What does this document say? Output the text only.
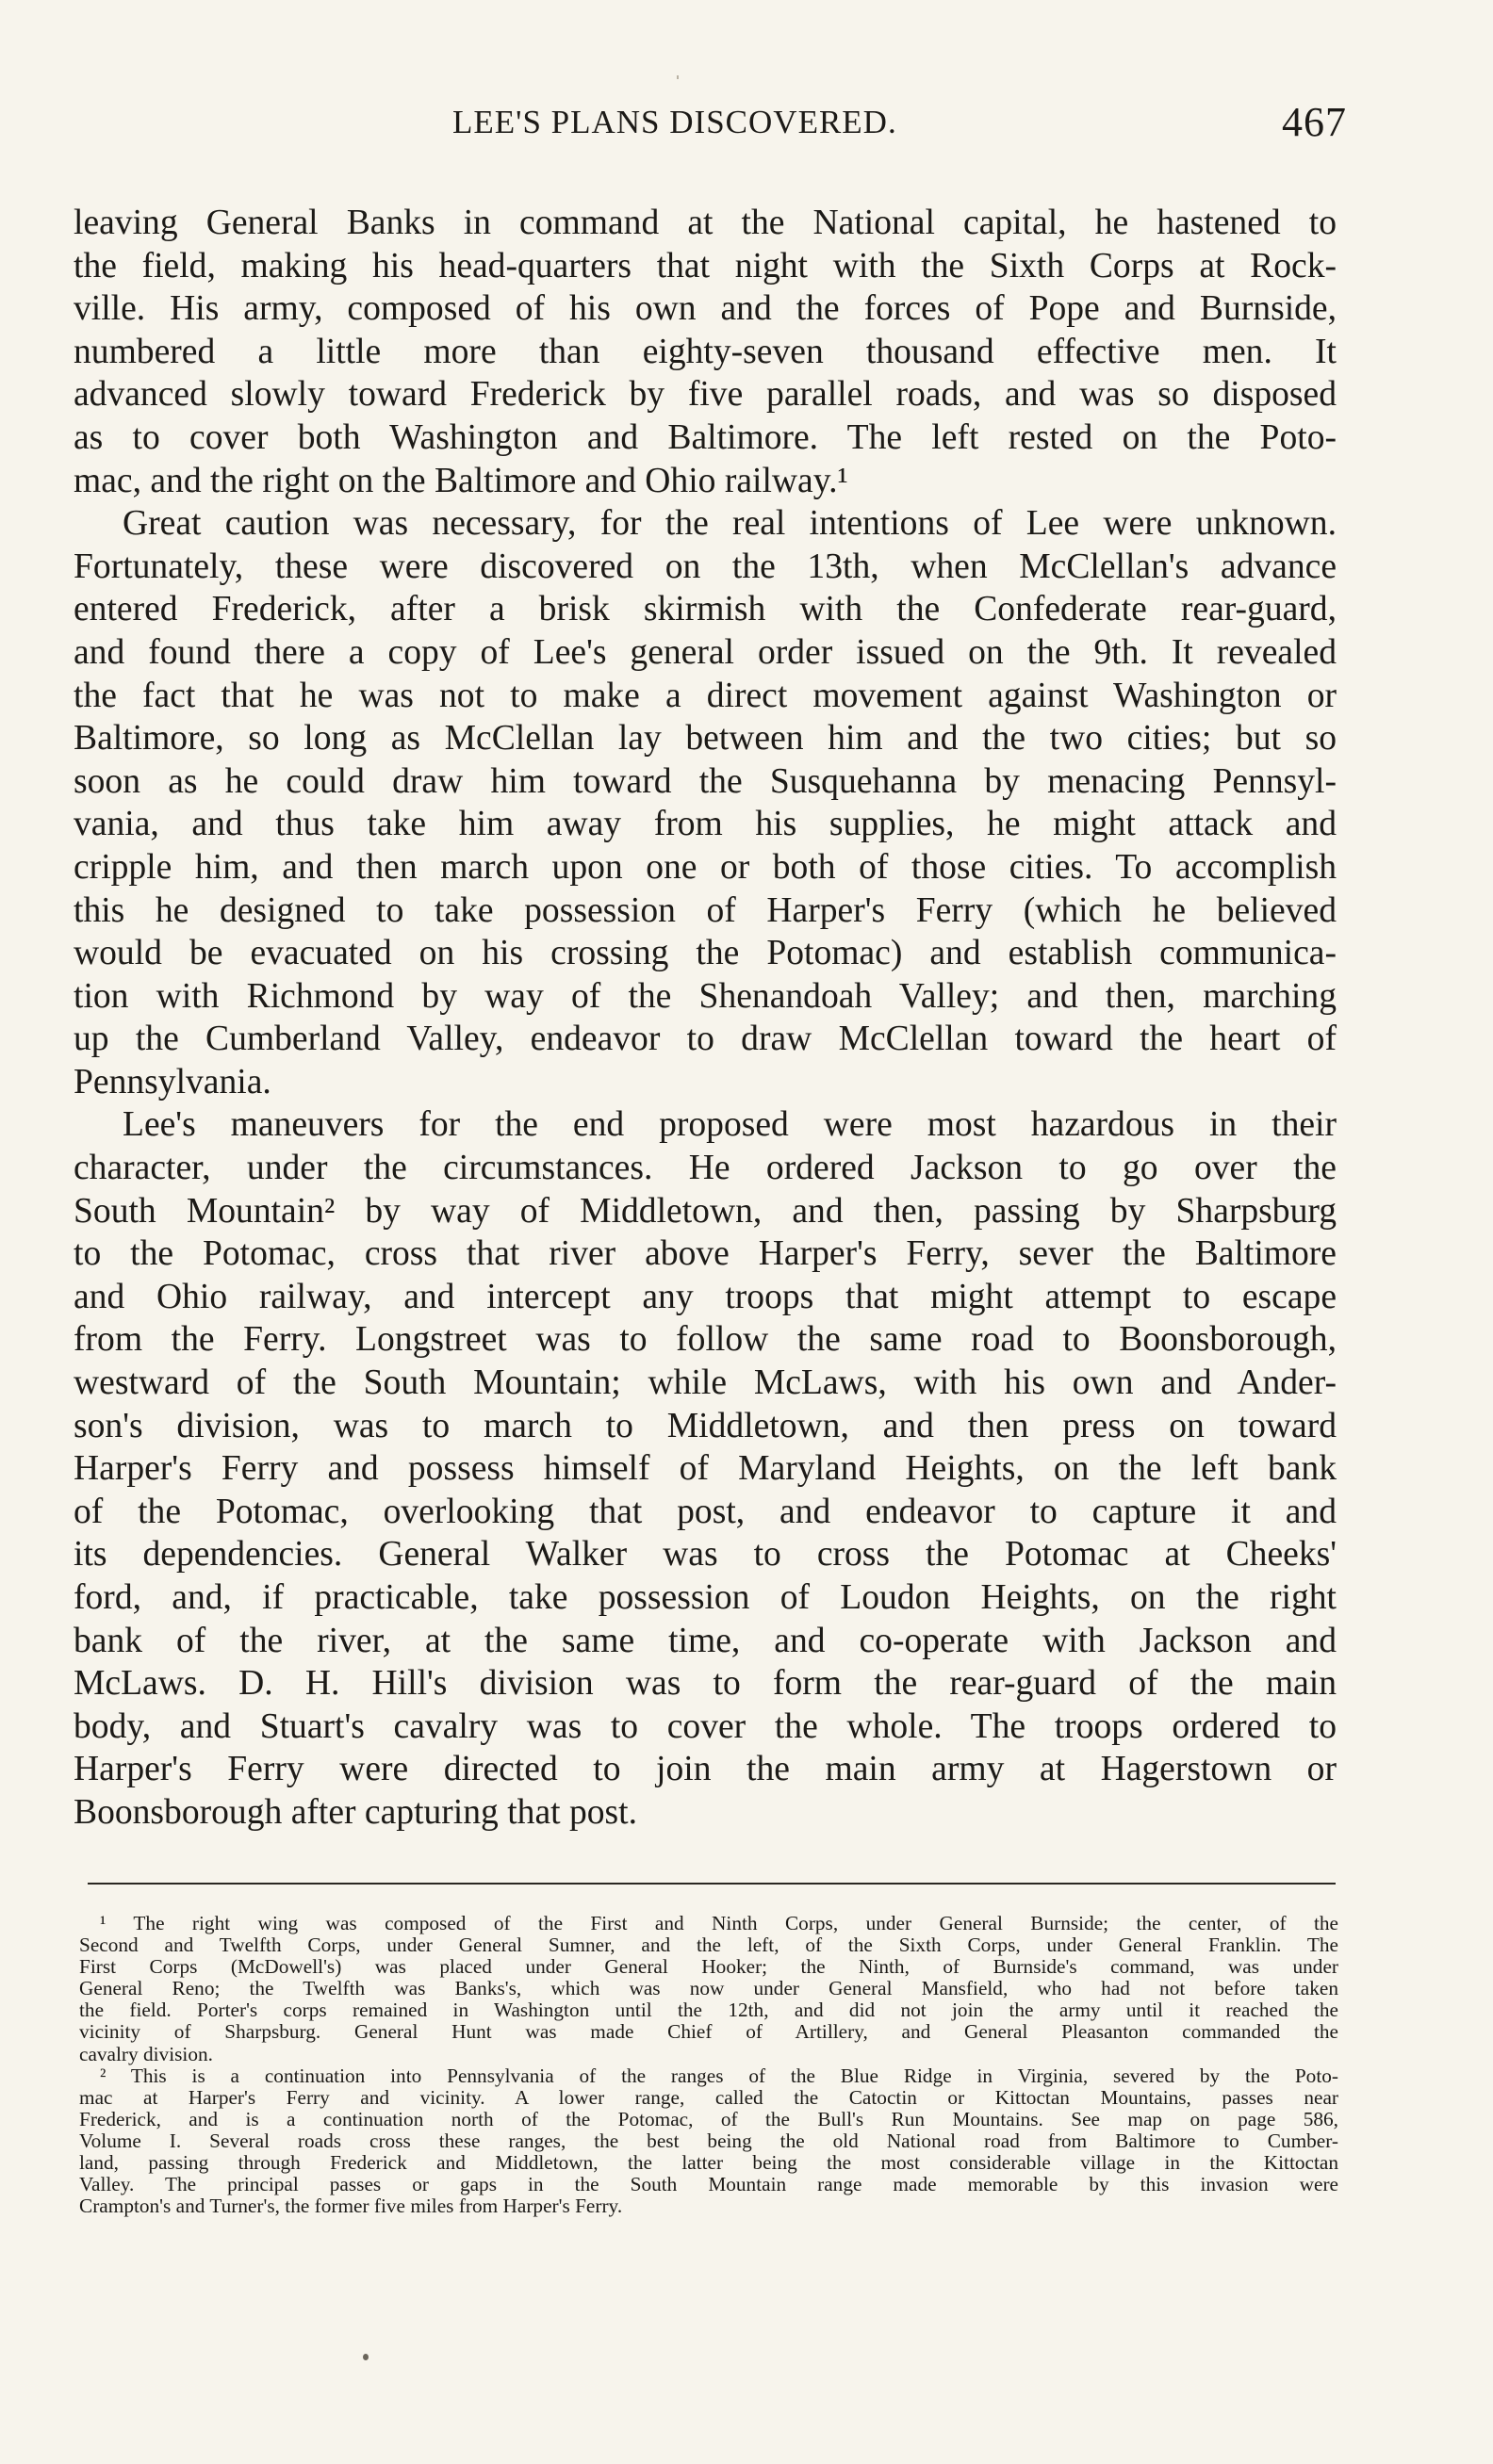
LEE'S PLANS DISCOVERED.	467
leaving General Banks in command at the National capital, he hastened to
the field, making his head-quarters that night with the Sixth Corps at Rock-
ville. His army, composed of his own and the forces of Pope and Burnside,
numbered a little more than eighty-seven thousand effective men. It
advanced slowly toward Frederick by five parallel roads, and was so disposed
as to cover both Washington and Baltimore. The left rested on the Poto-
mac, and the right on the Baltimore and Ohio railway.¹
Great caution was necessary, for the real intentions of Lee were unknown.
Fortunately, these were discovered on the 13th, when McClellan's advance
entered Frederick, after a brisk skirmish with the Confederate rear-guard,
and found there a copy of Lee's general order issued on the 9th. It revealed
the fact that he was not to make a direct movement against Washington or
Baltimore, so long as McClellan lay between him and the two cities; but so
soon as he could draw him toward the Susquehanna by menacing Pennsyl-
vania, and thus take him away from his supplies, he might attack and
cripple him, and then march upon one or both of those cities. To accomplish
this he designed to take possession of Harper's Ferry (which he believed
would be evacuated on his crossing the Potomac) and establish communica-
tion with Richmond by way of the Shenandoah Valley; and then, marching
up the Cumberland Valley, endeavor to draw McClellan toward the heart of
Pennsylvania.
Lee's maneuvers for the end proposed were most hazardous in their
character, under the circumstances. He ordered Jackson to go over the
South Mountain² by way of Middletown, and then, passing by Sharpsburg
to the Potomac, cross that river above Harper's Ferry, sever the Baltimore
and Ohio railway, and intercept any troops that might attempt to escape
from the Ferry. Longstreet was to follow the same road to Boonsborough,
westward of the South Mountain; while McLaws, with his own and Ander-
son's division, was to march to Middletown, and then press on toward
Harper's Ferry and possess himself of Maryland Heights, on the left bank
of the Potomac, overlooking that post, and endeavor to capture it and
its dependencies. General Walker was to cross the Potomac at Cheeks'
ford, and, if practicable, take possession of Loudon Heights, on the right
bank of the river, at the same time, and co-operate with Jackson and
McLaws. D. H. Hill's division was to form the rear-guard of the main
body, and Stuart's cavalry was to cover the whole. The troops ordered to
Harper's Ferry were directed to join the main army at Hagerstown or
Boonsborough after capturing that post.
¹ The right wing was composed of the First and Ninth Corps, under General Burnside; the center, of the
Second and Twelfth Corps, under General Sumner, and the left, of the Sixth Corps, under General Franklin. The
First Corps (McDowell's) was placed under General Hooker; the Ninth, of Burnside's command, was under
General Reno; the Twelfth was Banks's, which was now under General Mansfield, who had not before taken
the field. Porter's corps remained in Washington until the 12th, and did not join the army until it reached the
vicinity of Sharpsburg. General Hunt was made Chief of Artillery, and General Pleasanton commanded the
cavalry division.
² This is a continuation into Pennsylvania of the ranges of the Blue Ridge in Virginia, severed by the Poto-
mac at Harper's Ferry and vicinity. A lower range, called the Catoctin or Kittoctan Mountains, passes near
Frederick, and is a continuation north of the Potomac, of the Bull's Run Mountains. See map on page 586,
Volume I. Several roads cross these ranges, the best being the old National road from Baltimore to Cumber-
land, passing through Frederick and Middletown, the latter being the most considerable village in the Kittoctan
Valley. The principal passes or gaps in the South Mountain range made memorable by this invasion were
Crampton's and Turner's, the former five miles from Harper's Ferry.
